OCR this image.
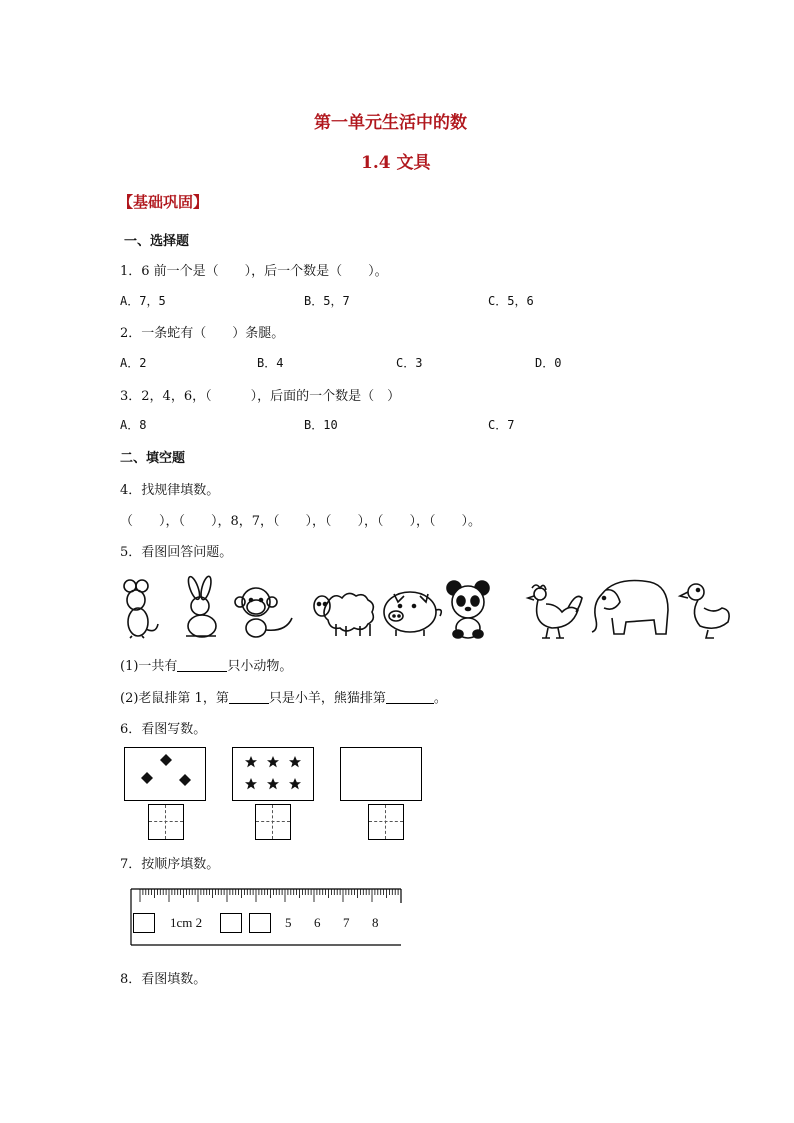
第一单元生活中的数
1.4 文具
【基础巩固】
一、选择题
1．6 前一个是（　　），后一个数是（　　）。
A．7，5	B．5，7	C．5，6
2．一条蛇有（　　）条腿。
A．2	B．4	C．3	D．0
3．2，4，6，（　　　），后面的一个数是（　）
A．8	B．10	C．7
二、填空题
4．找规律填数。
（　　），（　　），8，7，（　　），（　　），（　　），（　　）。
5．看图回答问题。
(1)一共有	只小动物。
(2)老鼠排第 1，第	只是小羊，熊猫排第	。
6．看图写数。
7．按顺序填数。
1cm 2	5 6 7 8
8．看图填数。
